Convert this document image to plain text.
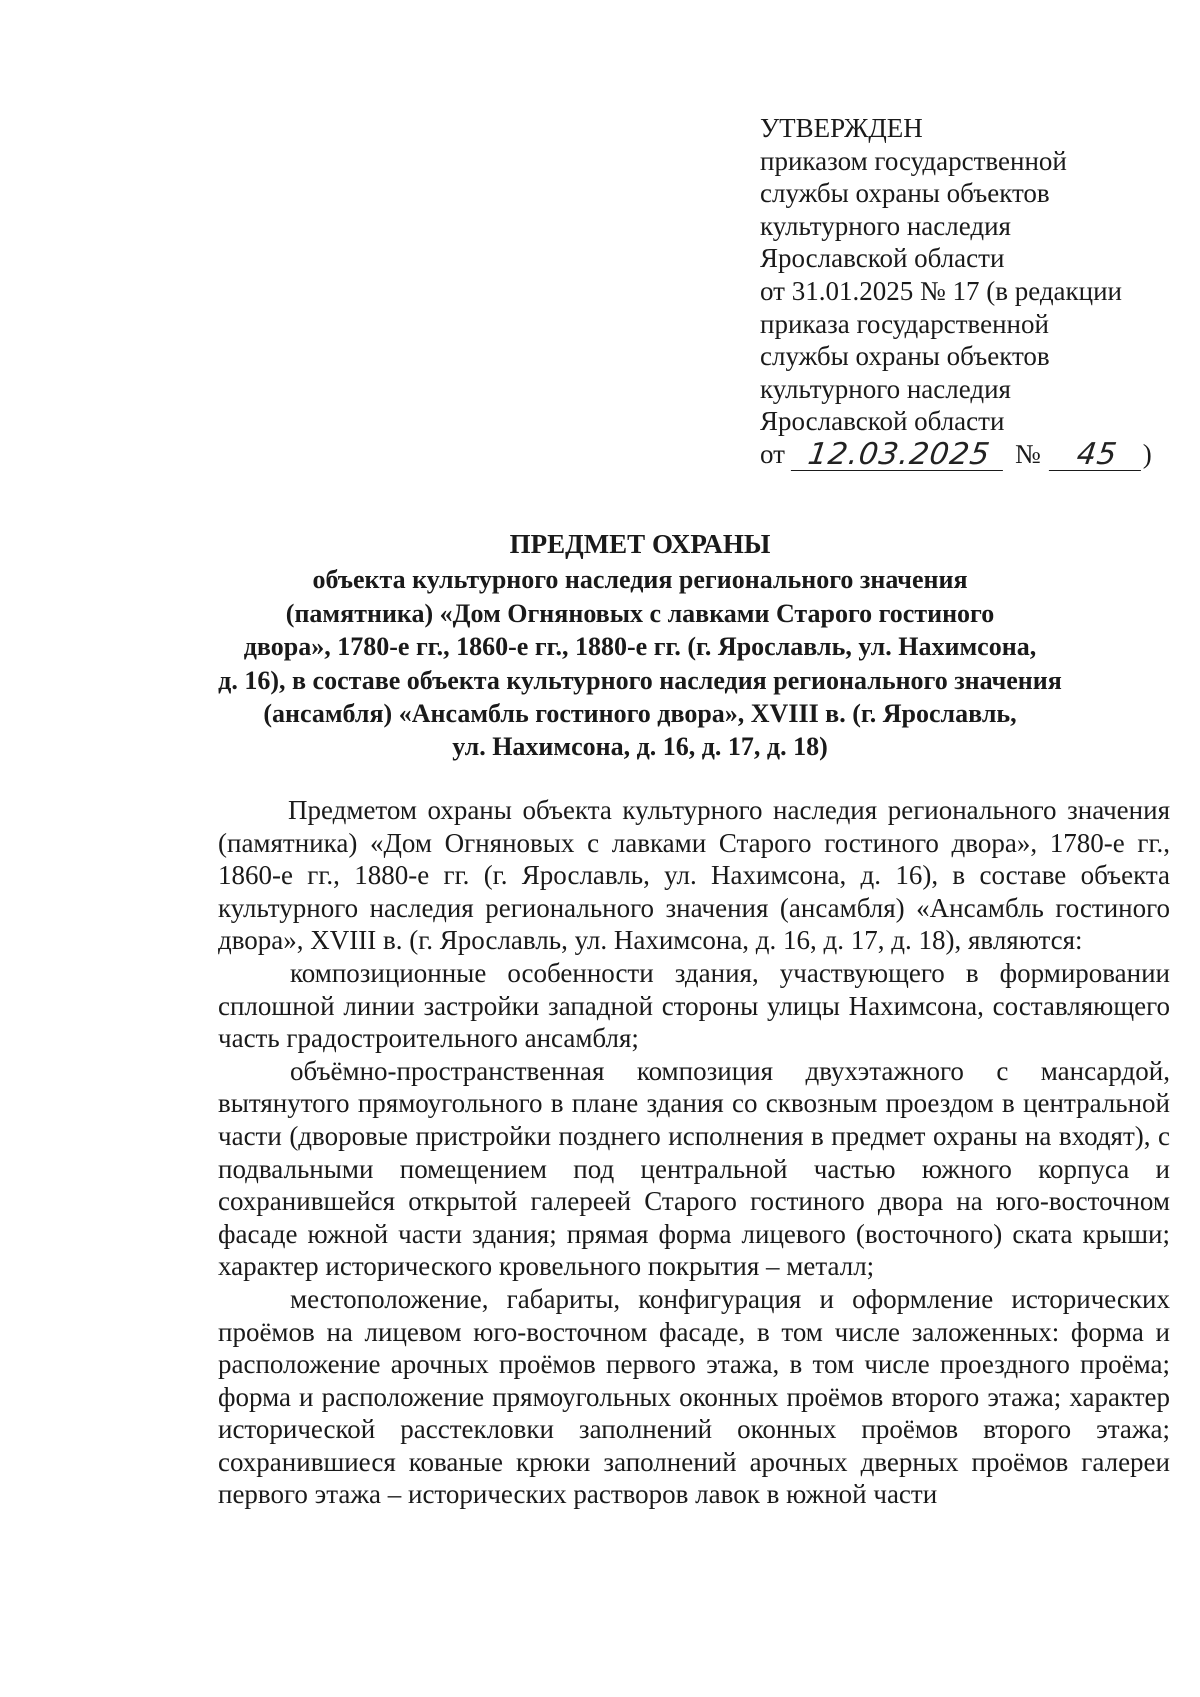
УТВЕРЖДЕН
приказом государственной
службы охраны объектов
культурного наследия
Ярославской области
от 31.01.2025 № 17 (в редакции
приказа государственной
службы охраны объектов
культурного наследия
Ярославской области
от 12.03.2025 №	45 )
ПРЕДМЕТ ОХРАНЫ
объекта культурного наследия регионального значения
(памятника) «Дом Огняновых с лавками Старого гостиного
двора», 1780-е гг., 1860-е гг., 1880-е гг. (г. Ярославль, ул. Нахимсона,
д. 16), в составе объекта культурного наследия регионального значения
(ансамбля) «Ансамбль гостиного двора», XVIII в. (г. Ярославль,
ул. Нахимсона, д. 16, д. 17, д. 18)

Предметом охраны объекта культурного наследия регионального значения (памятника) «Дом Огняновых с лавками Старого гостиного двора», 1780-е гг., 1860-е гг., 1880-е гг. (г. Ярославль, ул. Нахимсона, д. 16), в составе объекта культурного наследия регионального значения (ансамбля) «Ансамбль гостиного двора», XVIII в. (г. Ярославль, ул. Нахимсона, д. 16, д. 17, д. 18), являются:

композиционные особенности здания, участвующего в формировании сплошной линии застройки западной стороны улицы Нахимсона, составляющего часть градостроительного ансамбля;

объёмно-пространственная композиция двухэтажного с мансардой, вытянутого прямоугольного в плане здания со сквозным проездом в центральной части (дворовые пристройки позднего исполнения в предмет охраны на входят), с подвальными помещением под центральной частью южного корпуса и сохранившейся открытой галереей Старого гостиного двора на юго-восточном фасаде южной части здания; прямая форма лицевого (восточного) ската крыши; характер исторического кровельного покрытия – металл;

местоположение, габариты, конфигурация и оформление исторических проёмов на лицевом юго-восточном фасаде, в том числе заложенных: форма и расположение арочных проёмов первого этажа, в том числе проездного проёма; форма и расположение прямоугольных оконных проёмов второго этажа; характер исторической расстекловки заполнений оконных проёмов второго этажа; сохранившиеся кованые крюки заполнений арочных дверных проёмов галереи первого этажа – исторических растворов лавок в южной части
